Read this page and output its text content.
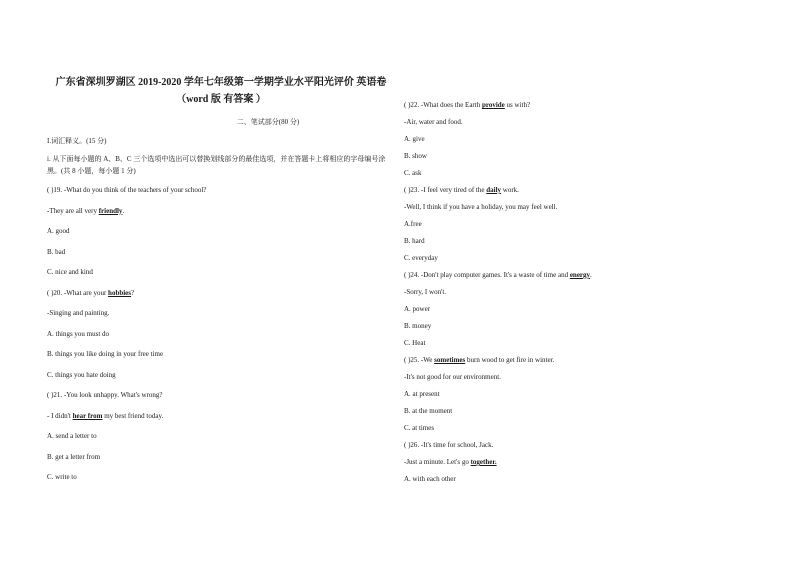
广东省深圳罗湖区 2019-2020 学年七年级第一学期学业水平阳光评价 英语卷（word 版 有答案 ）
二、笔试部分(80 分)
I.词汇释义。(15 分)
i. 从下面每小题的 A、B、C 三个选项中选出可以替换划线部分的最佳选项，并在答题卡上将相应的字母编号涂黑。(共 8 小题，每小题 1 分)
( )19. -What do you think of the teachers of your school?
-They are all very friendly.
A. good
B. bad
C. nice and kind
( )20. -What are your hobbies?
-Singing and painting.
A. things you must do
B. things you like doing in your free time
C. things you hate doing
( )21. -You look unhappy. What's wrong?
- I didn't hear from my best friend today.
A. send a letter to
B. get a letter from
C. write to
( )22. -What does the Earth provide us with?
-Air, water and food.
A. give
B. show
C. ask
( )23. -I feel very tired of the daily work.
-Well, I think if you have a holiday, you may feel well.
A.free
B. hard
C. everyday
( )24. -Don't play computer games. It's a waste of time and energy.
-Sorry, I won't.
A. power
B. money
C. Heat
( )25. -We sometimes burn wood to get fire in winter.
-It's not good for our environment.
A. at present
B. at the moment
C. at times
( )26. -It's time for school, Jack.
-Just a minute. Let's go together.
A. with each other
